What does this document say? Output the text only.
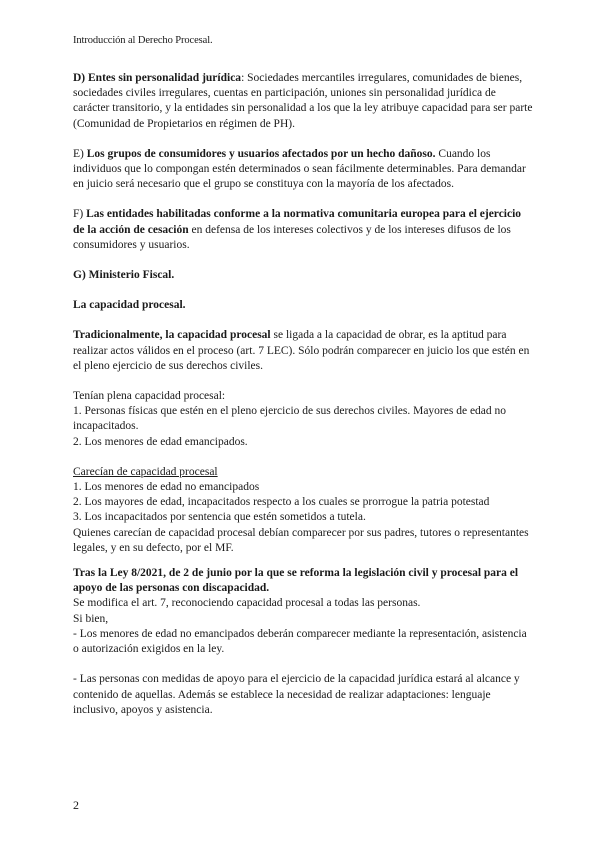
Introducción al Derecho Procesal.

D) Entes sin personalidad jurídica: Sociedades mercantiles irregulares, comunidades de bienes, sociedades civiles irregulares, cuentas en participación, uniones sin personalidad jurídica de carácter transitorio, y la entidades sin personalidad a los que la ley atribuye capacidad para ser parte (Comunidad de Propietarios en régimen de PH).

E) Los grupos de consumidores y usuarios afectados por un hecho dañoso. Cuando los individuos que lo compongan estén determinados o sean fácilmente determinables. Para demandar en juicio será necesario que el grupo se constituya con la mayoría de los afectados.

F) Las entidades habilitadas conforme a la normativa comunitaria europea para el ejercicio de la acción de cesación en defensa de los intereses colectivos y de los intereses difusos de los consumidores y usuarios.

G) Ministerio Fiscal.

La capacidad procesal.

Tradicionalmente, la capacidad procesal se ligada a la capacidad de obrar, es la aptitud para realizar actos válidos en el proceso (art. 7 LEC). Sólo podrán comparecer en juicio los que estén en el pleno ejercicio de sus derechos civiles.

Tenían plena capacidad procesal:

1. Personas físicas que estén en el pleno ejercicio de sus derechos civiles. Mayores de edad no incapacitados.

2. Los menores de edad emancipados.

Carecían de capacidad procesal

1. Los menores de edad no emancipados

2. Los mayores de edad, incapacitados respecto a los cuales se prorrogue la patria potestad

3. Los incapacitados por sentencia que estén sometidos a tutela.

Quienes carecían de capacidad procesal debían comparecer por sus padres, tutores o representantes legales, y en su defecto, por el MF.

Tras la Ley 8/2021, de 2 de junio por la que se reforma la legislación civil y procesal para el apoyo de las personas con discapacidad.

Se modifica el art. 7, reconociendo capacidad procesal a todas las personas.

Si bien,

- Los menores de edad no emancipados deberán comparecer mediante la representación, asistencia o autorización exigidos en la ley.

- Las personas con medidas de apoyo para el ejercicio de la capacidad jurídica estará al alcance y contenido de aquellas. Además se establece la necesidad de realizar adaptaciones: lenguaje inclusivo, apoyos y asistencia.

2
